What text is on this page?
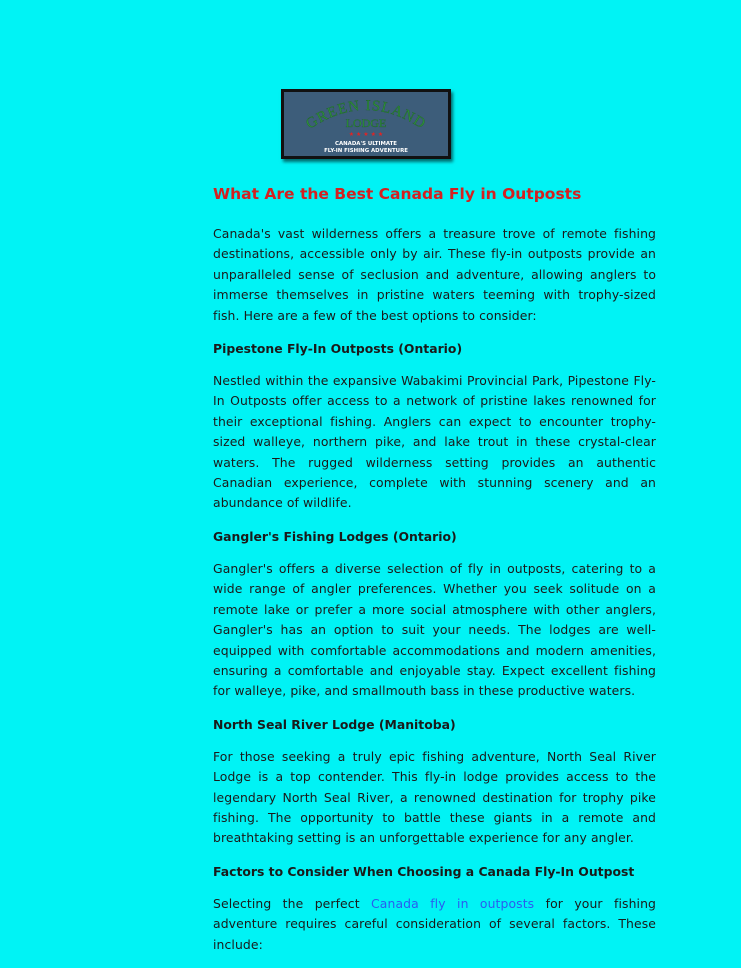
GREEN ISLAND
LODGE
★ ★ ★ ★ ★
CANADA'S ULTIMATE
FLY-IN FISHING ADVENTURE
What Are the Best Canada Fly in Outposts

Canada's vast wilderness offers a treasure trove of remote fishing destinations, accessible only by air. These fly-in outposts provide an unparalleled sense of seclusion and adventure, allowing anglers to immerse themselves in pristine waters teeming with trophy-sized fish. Here are a few of the best options to consider:

Pipestone Fly-In Outposts (Ontario)

Nestled within the expansive Wabakimi Provincial Park, Pipestone Fly-In Outposts offer access to a network of pristine lakes renowned for their exceptional fishing. Anglers can expect to encounter trophy-sized walleye, northern pike, and lake trout in these crystal-clear waters. The rugged wilderness setting provides an authentic Canadian experience, complete with stunning scenery and an abundance of wildlife.

Gangler's Fishing Lodges (Ontario)

Gangler's offers a diverse selection of fly in outposts, catering to a wide range of angler preferences. Whether you seek solitude on a remote lake or prefer a more social atmosphere with other anglers, Gangler's has an option to suit your needs. The lodges are well-equipped with comfortable accommodations and modern amenities, ensuring a comfortable and enjoyable stay. Expect excellent fishing for walleye, pike, and smallmouth bass in these productive waters.

North Seal River Lodge (Manitoba)

For those seeking a truly epic fishing adventure, North Seal River Lodge is a top contender. This fly-in lodge provides access to the legendary North Seal River, a renowned destination for trophy pike fishing. The opportunity to battle these giants in a remote and breathtaking setting is an unforgettable experience for any angler.

Factors to Consider When Choosing a Canada Fly-In Outpost

Selecting the perfect Canada fly in outposts for your fishing adventure requires careful consideration of several factors. These include:
